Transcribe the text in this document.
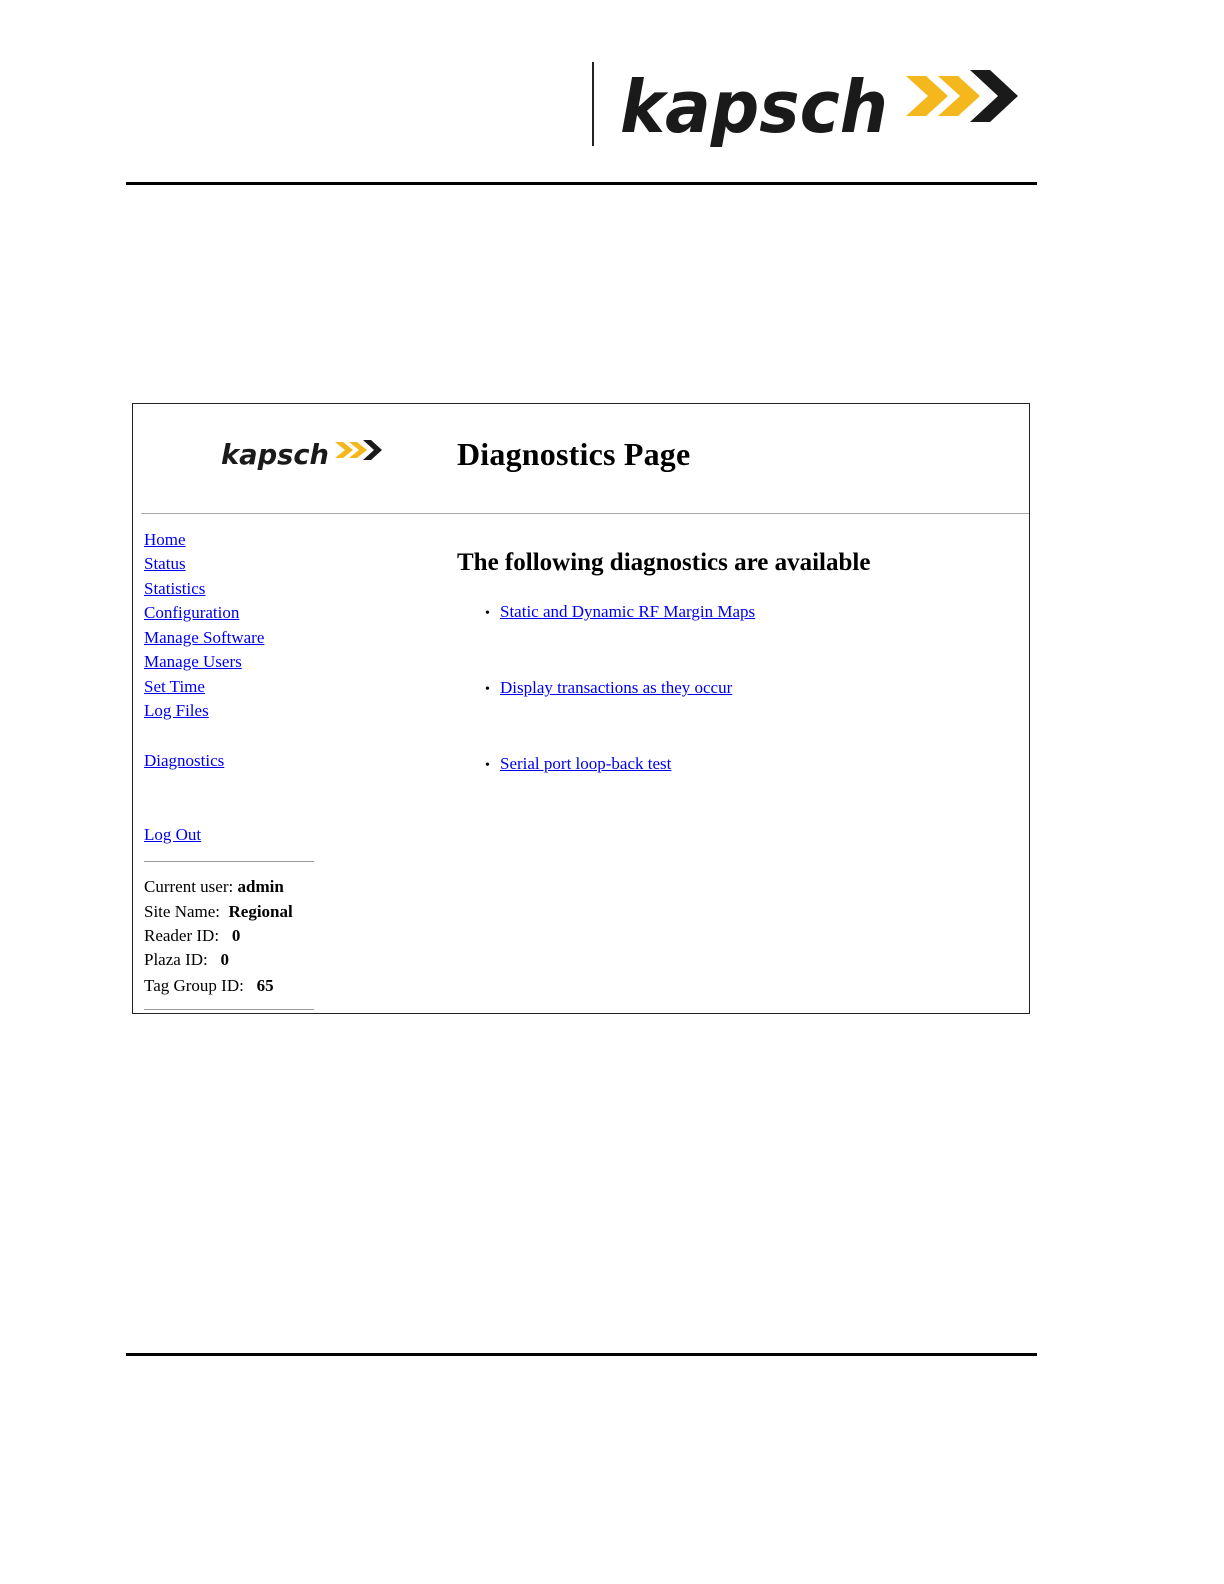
kapsch
kapsch	Diagnostics Page
Home
Status
Statistics
Configuration
Manage Software
Manage Users
Set Time
Log Files
Diagnostics
Log Out
Current user: admin
Site Name: Regional
Reader ID: 0
Plaza ID: 0
Tag Group ID: 65
The following diagnostics are available
• Static and Dynamic RF Margin Maps
• Display transactions as they occur
• Serial port loop-back test
